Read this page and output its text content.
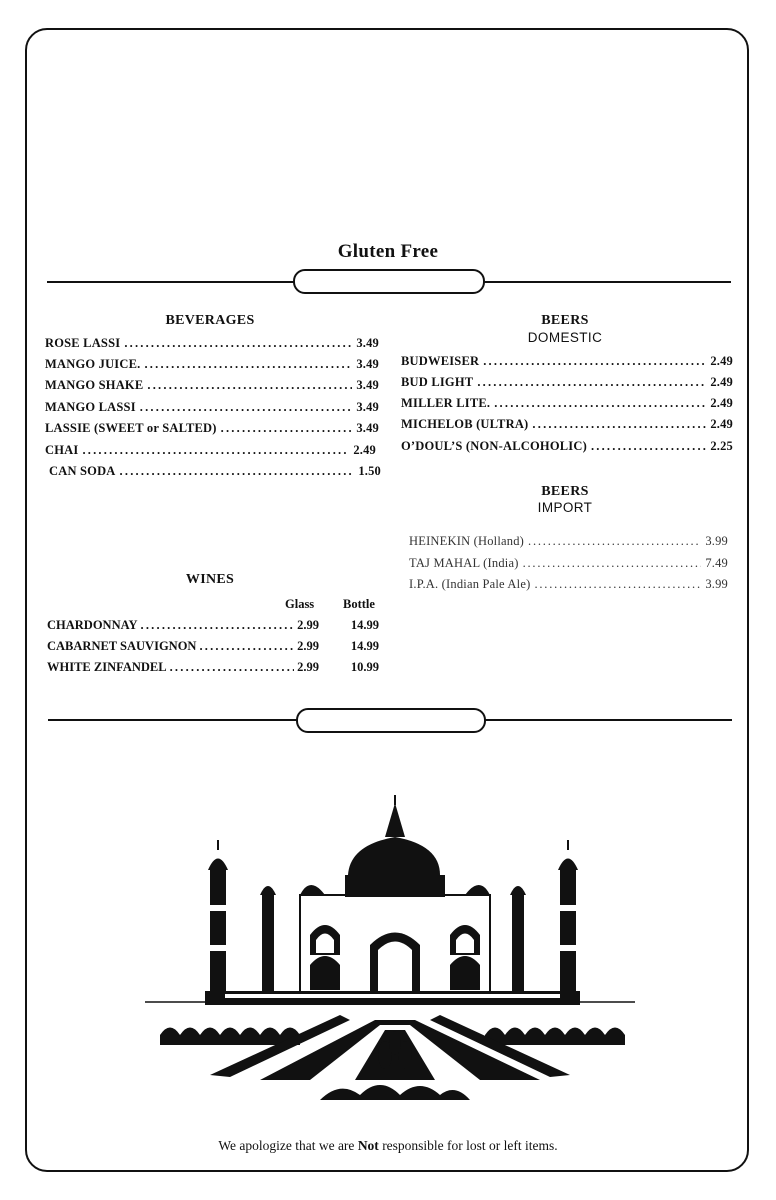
Gluten Free
BEVERAGES
ROSE LASSI .....	3.49
MANGO JUICE. .....	3.49
MANGO SHAKE .....	3.49
MANGO LASSI .....	3.49
LASSIE (SWEET or SALTED) .....	3.49
CHAI .....	2.49
CAN SODA .....	1.50
BEERS
DOMESTIC
BUDWEISER .....	2.49
BUD LIGHT .....	2.49
MILLER LITE. .....	2.49
MICHELOB (ULTRA) .....	2.49
O’DOUL’S (NON-ALCOHOLIC) .....	2.25
BEERS
IMPORT
HEINEKIN (Holland) .....	3.99
TAJ MAHAL (India) .....	7.49
I.P.A. (Indian Pale Ale) .....	3.99
WINES
Glass Bottle
CHARDONNAY .....	2.99	14.99
CABARNET SAUVIGNON .....	2.99	14.99
WHITE ZINFANDEL .....	2.99	10.99
We apologize that we are Not responsible for lost or left items.
